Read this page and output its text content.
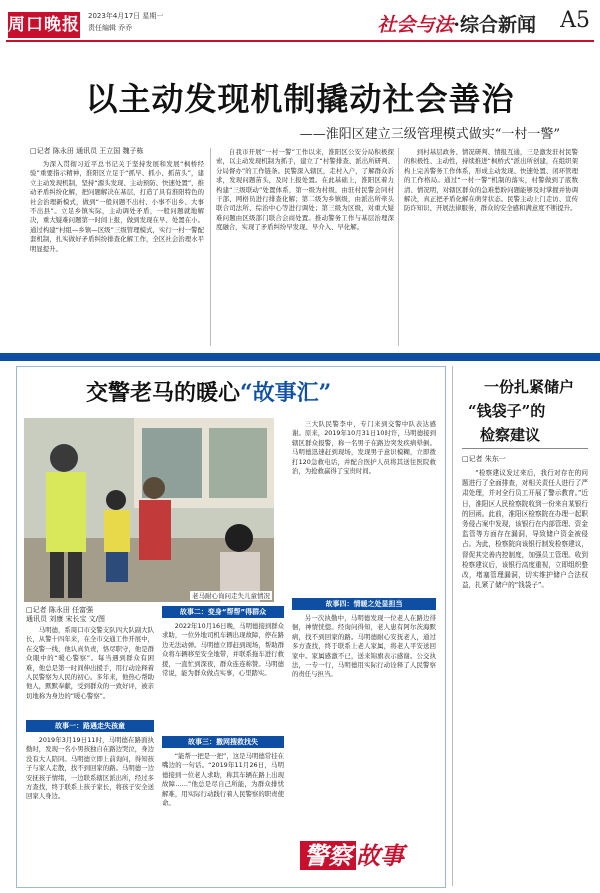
周口晚报 2023年4月17日 星期一
责任编辑 乔乔	社会与法·综合新闻 A5
以主动发现机制撬动社会善治
——淮阳区建立三级管理模式做实“一村一警”
□记者 陈永田 通讯员 王立国 魏子栋

为深入贯彻习近平总书记关于坚持发展和发展“枫桥经验”重要指示精神，淮阳区立足于“抓早、抓小、抓苗头”，建立主动发现机制，坚持“源头发现、主动预防、快速处置”，推动矛盾纠纷化解，把问题解决在基层，打造了具有淮阳特色的社会治理新模式，做到“一般问题不出村、小事不出乡、大事不出县”。立足乡镇实际，主动调处矛盾，一般问题就地解决，重大疑难问题第一时间上报，做到发现在早、处置在小。通过构建“村组—乡镇—区级”三级管理模式，实行一村一警配套机制，扎实做好矛盾纠纷排查化解工作，全区社会治理水平明显提升。

自我市开展“一村一警”工作以来，淮阳区公安分局积极探索，以主动发现机制为抓手，建立了“村警排查、派出所研判、分局督办”的工作链条。民警深入辖区，走村入户，了解群众诉求，发现问题苗头，及时上报处置。在此基础上，淮阳区着力构建“三级联动”处置体系，第一级为村级，由驻村民警会同村干部、网格员进行排查化解；第二级为乡镇级，由派出所牵头联合司法所、综治中心等进行调处；第三级为区级，对重大疑难问题由区级部门联合会商处置。推动警务工作与基层治理深度融合，实现了矛盾纠纷早发现、早介入、早化解。

到村基层政务、情况研判、情报互通，三是激发驻村民警的积极性、主动性，持续推进“枫桥式”派出所创建，在组织架构上完善警务工作体系，形成主动发现、快速处置、闭环管理的工作格局。通过“一村一警”机制的落实，村警做到了底数清、情况明，对辖区群众的急难愁盼问题能够及时掌握并协调解决，真正把矛盾化解在萌芽状态。民警主动上门走访、宣传防诈知识、开展法律服务，群众的安全感和满意度不断提升。

交警老马的暖心“故事汇”
老马耐心询问走失儿童情况
□记者 陈永田 任富强
通讯员 刘康 宋长宝 文/图

马明德，系周口市交警支队四大队副大队长，从警十四年来，在全市交通工作开展中，在交警一线，他认真负责，恪尽职守，他是群众眼中的“暖心警察”。每当遇到群众有困难，他总是第一时间伸出援手，用行动诠释着人民警察为人民的初心。多年来，他热心帮助他人，默默奉献，受到群众的一致好评，被亲切地称为身边的“暖心警察”。

故事一：路遇走失孩童

2019年3月19日11时，马明德在路面执勤时，发现一名小男孩独自在路边哭泣，身边没有大人陪同。马明德立即上前询问，得知孩子与家人走散，找不到回家的路。马明德一边安抚孩子情绪，一边联系辖区派出所，经过多方查找，终于联系上孩子家长，将孩子安全送回家人身边。

故事二：变身“帮帮”得群众

2022年10月16日晚，马明德接到群众求助，一位外地司机车辆出现故障，停在路边无法动弹。马明德立即赶到现场，帮助群众将车辆移至安全地带，并联系拖车进行救援，一直忙到深夜，群众连连称赞。马明德常说，能为群众做点实事，心里踏实。

故事三：撒网搜救找失

“能帮一把是一把”，这是马明德常挂在嘴边的一句话。“2019年11月26日，马明德接到一位老人求助，称其车辆在路上出现故障……”他总是尽自己所能，为群众排忧解难，用实际行动践行着人民警察的职责使命。

三大队民警李中，专门来到交警中队表达感谢。原来，2019年10月31日10时许，马明德接到辖区群众报警，称一名男子在路边突发疾病晕倒。马明德迅速赶到现场，发现男子意识模糊，立即拨打120急救电话，并配合医护人员将其送往医院救治，为抢救赢得了宝贵时间。

故事四：情暖之处显担当

另一次执勤中，马明德发现一位老人在路边徘徊，神情恍惚。经询问得知，老人患有阿尔茨海默病，找不到回家的路。马明德耐心安抚老人，通过多方查找，终于联系上老人家属，将老人平安送回家中。家属感激不已，送来锦旗表示感谢。公交执法，一专一行，马明德用实际行动诠释了人民警察的责任与担当。

警察 故事
一份扎紧储户
“钱袋子”的
检察建议
□记者 朱东一

“检察建议发过来后，我行对存在的问题进行了全面排查，对相关责任人进行了严肃处理，并对全行员工开展了警示教育。”近日，淮阳区人民检察院收到一份来自某银行的回函。此前，淮阳区检察院在办理一起职务侵占案中发现，该银行在内部管理、资金监管等方面存在漏洞，导致储户资金被侵占。为此，检察院向该银行制发检察建议，督促其完善内控制度，加强员工管理。收到检察建议后，该银行高度重视，立即组织整改，堵塞管理漏洞，切实维护储户合法权益，扎紧了储户的“钱袋子”。
